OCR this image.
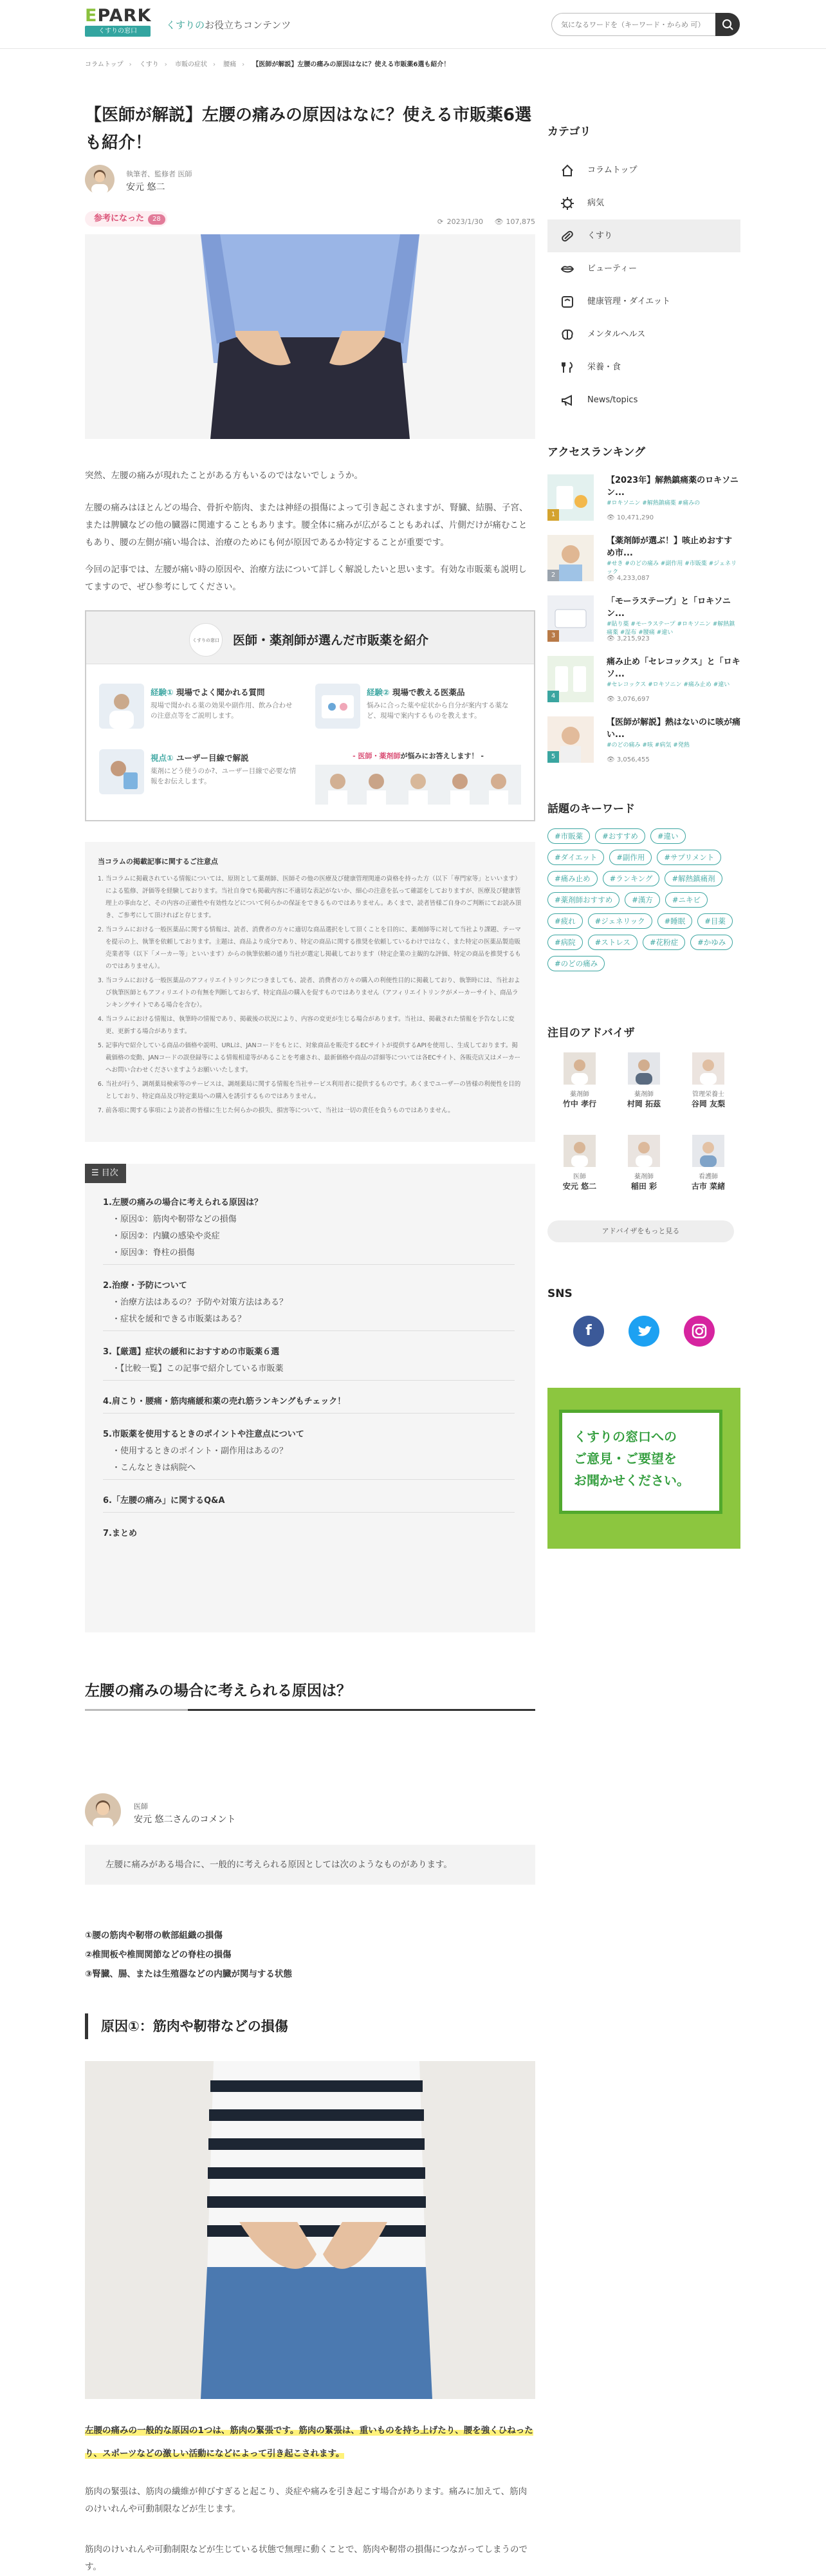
EPARK
くすりの窓口
くすりのお役立ちコンテンツ
気になるワードを（キーワード・からめ 可）
コラムトップ › くすり › 市販の症状 › 腰痛 › 【医師が解説】左腰の痛みの原因はなに？使える市販薬6選も紹介！
【医師が解説】左腰の痛みの原因はなに？使える市販薬6選も紹介！
執筆者、監修者 医師
安元 悠二
参考になった 28	⟳ 2023/1/30 👁 107,875

突然、左腰の痛みが現れたことがある方もいるのではないでしょうか。

左腰の痛みはほとんどの場合、骨折や筋肉、または神経の損傷によって引き起こされますが、腎臓、結腸、子宮、または脾臓などの他の臓器に関連することもあります。腰全体に痛みが広がることもあれば、片側だけが痛むこともあり、腰の左側が痛い場合は、治療のためにも何が原因であるか特定することが重要です。

今回の記事では、左腰が痛い時の原因や、治療方法について詳しく解説したいと思います。有効な市販薬も説明してますので、ぜひ参考にしてください。

くすりの窓口 医師・薬剤師が選んだ市販薬を紹介
経験① 現場でよく聞かれる質問
現場で聞かれる薬の効果や副作用、飲み合わせの注意点等をご説明します。
経験② 現場で教える医薬品
悩みに合った薬や症状から自分が案内する薬など、現場で案内するものを教えます。
視点① ユーザー目線で解説
薬剤にどう使うのか?、ユーザー目線で必要な情報をお伝えします。
- 医師・薬剤師が悩みにお答えします！ -
当コラムの掲載記事に関するご注意点
1. 当コラムに掲載されている情報については、原則として薬剤師、医師その他の医療及び健康管理関連の資格を持った方（以下「専門家等」といいます）による監修、評価等を経験しております。当社自身でも掲載内容に不適切な表記がないか、細心の注意を払って確認をしておりますが、医療及び健康管理上の事由など、その内容の正確性や有効性などについて何らかの保証をできるものではありません。あくまで、読者皆様ご自身のご判断にてお読み頂き、ご参考にして頂ければと存じます。
2. 当コラムにおける一般医薬品に関する情報は、読者、消費者の方々に適切な商品選択をして頂くことを目的に、薬剤師等に対して当社より課題、テーマを提示の上、執筆を依頼しております。主題は、商品より成分であり、特定の商品に関する推奨を依頼しているわけではなく、また特定の医薬品製造販売業者等（以下「メーカー等」といいます）からの執筆依頼の通り当社が選定し掲載しております（特定企業の主観的な評価、特定の商品を推奨するものではありません）。
3. 当コラムにおける一般医薬品のアフィリエイトリンクにつきましても、読者、消費者の方々の購入の利便性目的に掲載しており、執筆時には、当社および執筆医師ともアフィリエイトの有無を判断しておらず、特定商品の購入を促すものではありません（アフィリエイトリンクがメーカーサイト、商品ランキングサイトである場合を含む）。
4. 当コラムにおける情報は、執筆時の情報であり、掲載後の状況により、内容の変更が生じる場合があります。当社は、掲載された情報を予告なしに変更、更新する場合があります。
5. 記事内で紹介している商品の価格や説明、URLは、JANコードをもとに、対象商品を販売するECサイトが提供するAPIを使用し、生成しております。掲載価格の変動、JANコードの誤登録等による情報相違等があることを考慮され、最新価格や商品の詳細等については各ECサイト、各販売店又はメーカーへお問い合わせくださいますようお願いいたします。
6. 当社が行う、調剤薬局検索等のサービスは、調剤薬局に関する情報を当社サービス利用者に提供するものです。あくまでユーザーの皆様の利便性を目的としており、特定商品及び特定薬局への購入を誘引するものではありません。
7. 前各項に関する事項により読者の皆様に生じた何らかの損失、損害等について、当社は一切の責任を負うものではありません。
☰ 目次
1.左腰の痛みの場合に考えられる原因は？
・ 原因①：筋肉や靭帯などの損傷
・ 原因②：内臓の感染や炎症
・ 原因③：脊柱の損傷
2.治療・予防について
・ 治療方法はあるの？予防や対策方法はある？
・ 症状を緩和できる市販薬はある？
3.【厳選】症状の緩和におすすめの市販薬６選
・ 【比較一覧】この記事で紹介している市販薬
4.肩こり・腰痛・筋肉痛緩和薬の売れ筋ランキングもチェック！
5.市販薬を使用するときのポイントや注意点について
・ 使用するときのポイント・副作用はあるの？
・ こんなときは病院へ
6.「左腰の痛み」に関するQ&A
7.まとめ
左腰の痛みの場合に考えられる原因は？
医師
安元 悠二さんのコメント
左腰に痛みがある場合に、一般的に考えられる原因としては次のようなものがあります。
①腰の筋肉や靭帯の軟部組織の損傷
②椎間板や椎間関節などの脊柱の損傷
③腎臓、腸、または生殖器などの内臓が関与する状態
原因①：筋肉や靭帯などの損傷

左腰の痛みの一般的な原因の1つは、筋肉の緊張です。筋肉の緊張は、重いものを持ち上げたり、腰を強くひねったり、スポーツなどの激しい活動になどによって引き起こされます。

筋肉の緊張は、筋肉の繊維が伸びすぎると起こり、炎症や痛みを引き起こす場合があります。痛みに加えて、筋肉のけいれんや可動制限などが生じます。

筋肉のけいれんや可動制限などが生じている状態で無理に動くことで、筋肉や靭帯の損傷につながってしまうのです。

カテゴリ
コラムトップ
病気
くすり
ビューティー
健康管理・ダイエット
メンタルヘルス
栄養・食
News/topics
アクセスランキング
1
【2023年】解熱鎮痛薬のロキソニン...
#ロキソニン #解熱鎮痛薬 #痛みの
👁 10,471,290
2
【薬剤師が選ぶ！】咳止めおすすめ市...
#せき #のどの痛み #副作用 #市販薬 #ジェネリック
👁 4,233,087
3
「モーラステープ」と「ロキソニン...
#貼り薬 #モーラステープ #ロキソニン #解熱鎮痛薬 #湿布 #腰痛 #違い
👁 3,215,923
4
痛み止め「セレコックス」と「ロキソ...
#セレコックス #ロキソニン #痛み止め #違い
👁 3,076,697
5
【医師が解説】熱はないのに咳が痛い...
#のどの痛み #咳 #病気 #発熱
👁 3,056,455
話題のキーワード
#市販薬	#おすすめ	#違い
#ダイエット	#副作用	#サプリメント
#痛み止め	#ランキング	#解熱鎮痛剤
#薬剤師おすすめ	#漢方	#ニキビ
#疲れ	#ジェネリック	#睡眠	#目薬
#病院	#ストレス	#花粉症	#かゆみ
#のどの痛み
注目のアドバイザ
薬剤師
竹中 孝行
薬剤師
村岡 拓茲
管理栄養士
谷岡 友梨
医師
安元 悠二
薬剤師
稲田 彩
看護師
古市 菜緒
アドバイザをもっと見る
SNS
f
くすりの窓口への
ご意見・ご要望を
お聞かせください。
